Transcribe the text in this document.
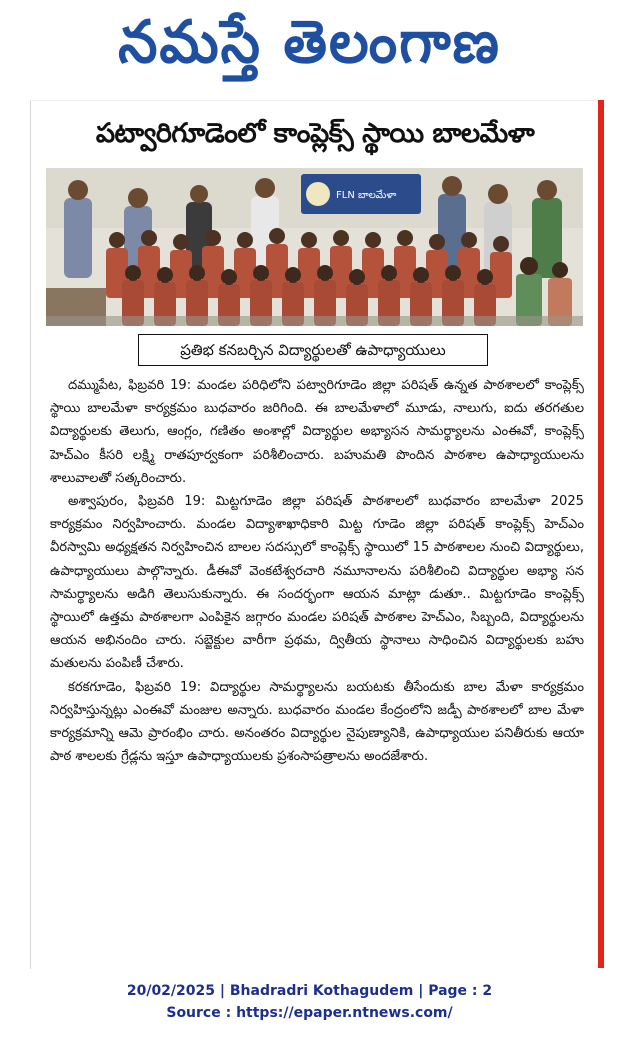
నమస్తే తెలంగాణ
పట్వారిగూడెంలో కాంప్లెక్స్ స్థాయి బాలమేళా
FLN బాలమేళా
ప్రతిభ కనబర్చిన విద్యార్థులతో ఉపాధ్యాయులు

దమ్ముపేట, ఫిబ్రవరి 19: మండల పరిధిలోని పట్వారిగూడెం జిల్లా పరిషత్ ఉన్నత పాఠశాలలో కాంప్లెక్స్ స్థాయి బాలమేళా కార్యక్రమం బుధవారం జరిగింది. ఈ బాలమేళాలో మూడు, నాలుగు, ఐదు తరగతుల విద్యార్థులకు తెలుగు, ఆంగ్లం, గణితం అంశాల్లో విద్యార్థుల అభ్యాసన సామర్థ్యాలను ఎంఈవో, కాంప్లెక్స్ హెచ్ఎం కీసరి లక్ష్మి రాతపూర్వకంగా పరిశీలించారు. బహుమతి పొందిన పాఠశాల ఉపాధ్యాయులను శాలువాలతో సత్కరించారు.

అశ్వాపురం, ఫిబ్రవరి 19: మిట్టగూడెం జిల్లా పరిషత్ పాఠశాలలో బుధవారం బాలమేళా 2025 కార్యక్రమం నిర్వహించారు. మండల విద్యాశాఖాధికారి మిట్ట గూడెం జిల్లా పరిషత్ కాంప్లెక్స్ హెచ్ఎం వీరస్వామి అధ్యక్షతన నిర్వహించిన బాలల సదస్సులో కాంప్లెక్స్ స్థాయిలో 15 పాఠశాలల నుంచి విద్యార్థులు, ఉపాధ్యాయులు పాల్గొన్నారు. డీఈవో వెంకటేశ్వరచారి నమూనాలను పరిశీలించి విద్యార్థుల అభ్యా సన సామర్థ్యాలను అడిగి తెలుసుకున్నారు. ఈ సందర్భంగా ఆయన మాట్లా డుతూ.. మిట్టగూడెం కాంప్లెక్స్ స్థాయిలో ఉత్తమ పాఠశాలగా ఎంపికైన జగ్గారం మండల పరిషత్ పాఠశాల హెచ్ఎం, సిబ్బంది, విద్యార్థులను ఆయన అభినందిం చారు. సబ్జెక్టుల వారీగా ప్రథమ, ద్వితీయ స్థానాలు సాధించిన విద్యార్థులకు బహు మతులను పంపిణీ చేశారు.

కరకగూడెం, ఫిబ్రవరి 19: విద్యార్థుల సామర్థ్యాలను బయటకు తీసేందుకు బాల మేళా కార్యక్రమం నిర్వహిస్తున్నట్లు ఎంఈవో మంజుల అన్నారు. బుధవారం మండల కేంద్రంలోని జడ్పీ పాఠశాలలో బాల మేళా కార్యక్రమాన్ని ఆమె ప్రారంభిం చారు. అనంతరం విద్యార్థుల నైపుణ్యానికి, ఉపాధ్యాయుల పనితీరుకు ఆయా పాఠ శాలలకు గ్రేడ్లను ఇస్తూ ఉపాధ్యాయులకు ప్రశంసాపత్రాలను అందజేశారు.

20/02/2025 | Bhadradri Kothagudem | Page : 2
Source : https://epaper.ntnews.com/
